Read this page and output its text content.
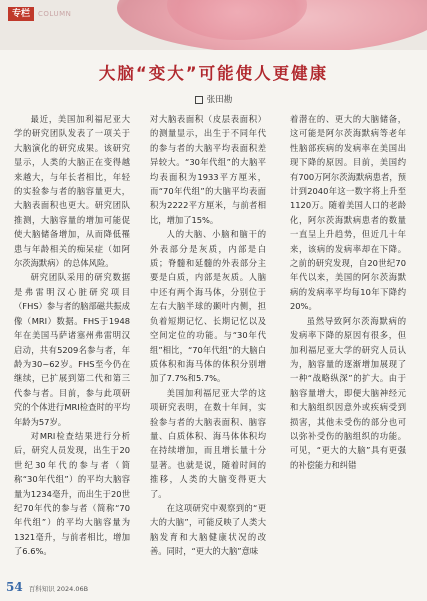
专栏	COLUMN
大脑“变大”可能使人更健康
张田勘

最近，美国加利福尼亚大学的研究团队发表了一项关于大脑演化的研究成果。该研究显示，人类的大脑正在变得越来越大，与年长者相比，年轻的实验参与者的脑容量更大，大脑表面积也更大。研究团队推测，大脑容量的增加可能促使大脑储备增加，从而降低罹患与年龄相关的痴呆症（如阿尔茨海默病）的总体风险。

研究团队采用的研究数据是弗雷明汉心脏研究项目（FHS）参与者的脑部磁共振成像（MRI）数据。FHS于1948年在美国马萨诸塞州弗雷明汉启动，共有5209名参与者，年龄为30~62岁。FHS至今仍在继续，已扩展到第二代和第三代参与者。目前，参与此项研究的个体进行MRI检查时的平均年龄为57岁。

对MRI检查结果进行分析后，研究人员发现，出生于20世纪30年代的参与者（简称“30年代组”）的平均大脑容量为1234毫升，而出生于20世纪70年代的参与者（简称“70年代组”）的平均大脑容量为1321毫升，与前者相比，增加了6.6%。

对大脑表面积（皮层表面积）的测量显示，出生于不同年代的参与者的大脑平均表面积差异较大。“30年代组”的大脑平均表面积为1933平方厘米，而“70年代组”的大脑平均表面积为2222平方厘米，与前者相比，增加了15%。

人的大脑、小脑和脑干的外表部分是灰质，内部是白质；脊髓和延髓的外表部分主要是白质，内部是灰质。人脑中还有两个海马体，分别位于左右大脑半球的颞叶内侧，担负着短期记忆、长期记忆以及空间定位的功能。与“30年代组”相比，“70年代组”的大脑白质体积和海马体的体积分别增加了7.7%和5.7%。

美国加利福尼亚大学的这项研究表明，在数十年间，实验参与者的大脑表面积、脑容量、白质体积、海马体体积均在持续增加，而且增长量十分显著。也就是说，随着时间的推移，人类的大脑变得更大了。

在这项研究中观察到的“更大的大脑”，可能反映了人类大脑发育和大脑健康状况的改善。同时，“更大的大脑”意味

着潜在的、更大的大脑储备，这可能是阿尔茨海默病等老年性脑部疾病的发病率在美国出现下降的原因。目前，美国约有700万阿尔茨海默病患者，预计到2040年这一数字将上升至1120万。随着美国人口的老龄化，阿尔茨海默病患者的数量一直呈上升趋势，但近几十年来，该病的发病率却在下降。之前的研究发现，自20世纪70年代以来，美国的阿尔茨海默病的发病率平均每10年下降约20%。

虽然导致阿尔茨海默病的发病率下降的原因有很多，但加利福尼亚大学的研究人员认为，脑容量的逐渐增加展现了一种“战略纵深”的扩大。由于脑容量增大，即便大脑神经元和大脑组织因意外或疾病受到损害，其他未受伤的部分也可以弥补受伤的脑组织的功能。可见，“更大的大脑”具有更强的补偿能力和纠错

54 百科知识 2024.06B
